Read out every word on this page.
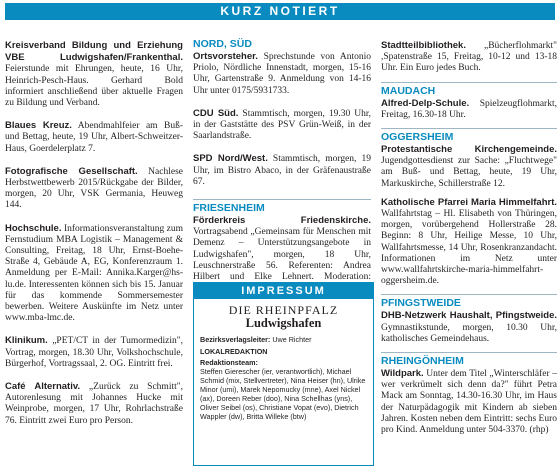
KURZ NOTIERT

Kreisverband Bildung und Erziehung VBE Ludwigshafen/Frankenthal. Feierstunde mit Ehrungen, heute, 16 Uhr, Heinrich-Pesch-Haus. Gerhard Bold informiert anschließend über aktuelle Fragen zu Bildung und Verband.

Blaues Kreuz. Abendmahlfeier am Buß- und Bettag, heute, 19 Uhr, Albert-Schweitzer-Haus, Goerdelerplatz 7.

Fotografische Gesellschaft. Nachlese Herbstwettbewerb 2015/Rückgabe der Bilder, morgen, 20 Uhr, VSK Germania, Heuweg 144.

Hochschule. Informationsveranstaltung zum Fernstudium MBA Logistik – Management & Consulting, Freitag, 18 Uhr, Ernst-Boehe-Straße 4, Gebäude A, EG, Konferenzraum 1. Anmeldung per E-Mail: Annika.Karger@hs-lu.de. Interessenten können sich bis 15. Januar für das kommende Sommersemester bewerben. Weitere Auskünfte im Netz unter www.mba-lmc.de.

Klinikum. „PET/CT in der Tumormedizin", Vortrag, morgen, 18.30 Uhr, Volkshochschule, Bürgerhof, Vortragssaal, 2. OG. Eintritt frei.

Café Alternativ. „Zurück zu Schmitt", Autorenlesung mit Johannes Hucke mit Weinprobe, morgen, 17 Uhr, Rohrlachstraße 76. Eintritt zwei Euro pro Person.

NORD, SÜD

Ortsvorsteher. Sprechstunde von Antonio Priolo, Nördliche Innenstadt, morgen, 15-16 Uhr, Gartenstraße 9. Anmeldung von 14-16 Uhr unter 0175/5931733.

CDU Süd. Stammtisch, morgen, 19.30 Uhr, in der Gaststätte des PSV Grün-Weiß, in der Saarlandstraße.

SPD Nord/West. Stammtisch, morgen, 19 Uhr, im Bistro Abaco, in der Gräfenaustraße 67.

FRIESENHEIM

Förderkreis Friedenskirche. Vortragsabend „Gemeinsam für Menschen mit Demenz – Unterstützungsangebote in Ludwigshafen", morgen, 18 Uhr, Leuschnerstraße 56. Referenten: Andrea Hilbert und Elke Lehnert. Moderation:

IMPRESSUM
DIE RHEINPFALZ
Ludwigshafen
Bezirksverlagsleiter: Uwe Richter
LOKALREDAKTION
Redaktionsteam:
Steffen Gierescher (ier, verantwortlich), Michael Schmid (mix, Stellvertreter), Nina Heiser (hn), Ulrike Minor (umi), Marek Nepomucky (mne), Axel Nickel (ax), Doreen Reber (doo), Nina Schellhas (yns), Oliver Seibel (os), Christiane Vopat (evo), Dietrich Wappler (dw), Britta Willeke (btw)

Stadtteilbibliothek. „Bücherflohmarkt" ,Spatenstraße 15, Freitag, 10-12 und 13-18 Uhr. Ein Euro jedes Buch.

MAUDACH

Alfred-Delp-Schule. Spielzeugflohmarkt, Freitag, 16.30-18 Uhr.

OGGERSHEIM

Protestantische Kirchengemeinde. Jugendgottesdienst zur Sache: „Fluchtwege" am Buß- und Bettag, heute, 19 Uhr, Markuskirche, Schillerstraße 12.

Katholische Pfarrei Maria Himmelfahrt. Wallfahrtstag – Hl. Elisabeth von Thüringen, morgen, vorübergehend Hollerstraße 28. Beginn: 8 Uhr, Heilige Messe, 10 Uhr, Wallfahrtsmesse, 14 Uhr, Rosenkranzandacht. Informationen im Netz unter www.wallfahrtskirche-maria-himmelfahrt-oggersheim.de.

PFINGSTWEIDE

DHB-Netzwerk Haushalt, Pfingstweide. Gymnastikstunde, morgen, 10.30 Uhr, katholisches Gemeindehaus.

RHEINGÖNHEIM

Wildpark. Unter dem Titel „Winterschläfer – wer verkrümelt sich denn da?" führt Petra Mack am Sonntag, 14.30-16.30 Uhr, im Haus der Naturpädagogik mit Kindern ab sieben Jahren. Kosten neben dem Eintritt: sechs Euro pro Kind. Anmeldung unter 504-3370. (rhp)
